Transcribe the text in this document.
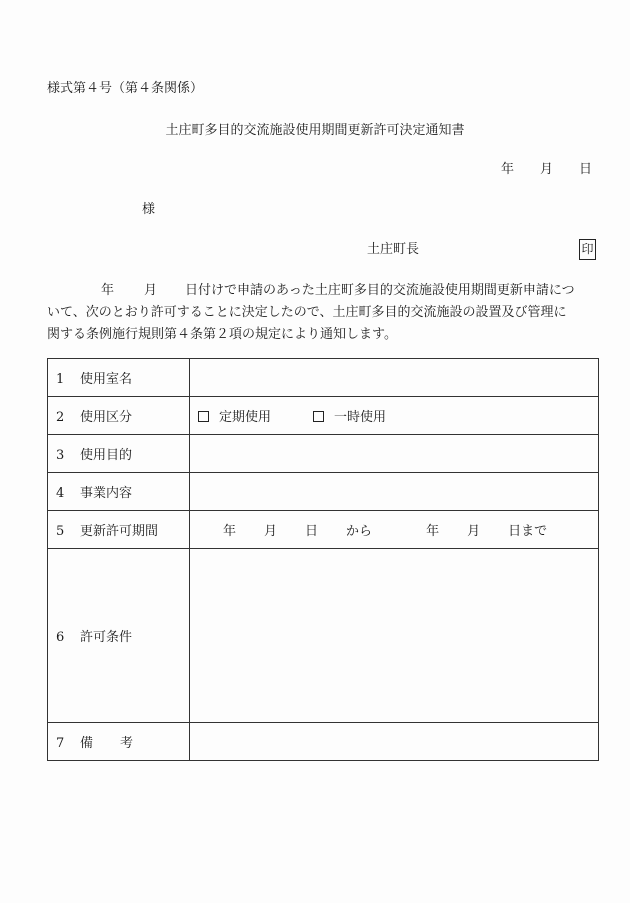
様式第４号（第４条関係）
土庄町多目的交流施設使用期間更新許可決定通知書
年 月 日
様
土庄町長	印

年 月 日付けで申請のあった土庄町多目的交流施設使用期間更新申請につ

いて、次のとおり許可することに決定したので、土庄町多目的交流施設の設置及び管理に

関する条例施行規則第４条第２項の規定により通知します。

1 使用室名	
2 使用区分	定期使用 一時使用
3 使用目的	
4 事業内容	
5 更新許可期間	年 月 日 から 年 月 日まで
6 許可条件	
7 備 考	
